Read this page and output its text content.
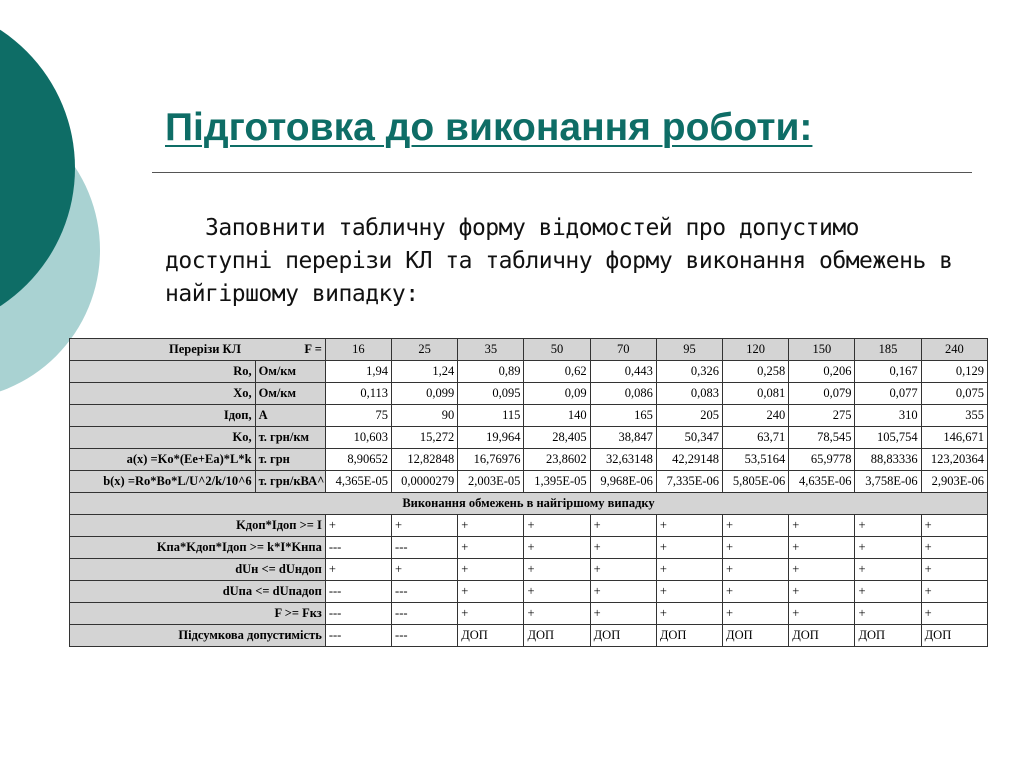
Підготовка до виконання роботи:

Заповнити табличну форму відомостей про допустимо доступні перерізи КЛ та табличну форму виконання обмежень в найгіршому випадку:

Перерізи КЛ F =		16	25	35	50	70	95	120	150	185	240
Ro,	Ом/км	1,94	1,24	0,89	0,62	0,443	0,326	0,258	0,206	0,167	0,129
Xo,	Ом/км	0,113	0,099	0,095	0,09	0,086	0,083	0,081	0,079	0,077	0,075
Iдоп,	А	75	90	115	140	165	205	240	275	310	355
Ko,	т. грн/км	10,603	15,272	19,964	28,405	38,847	50,347	63,71	78,545	105,754	146,671
a(x) =Ko*(Ee+Ea)*L*k	т. грн	8,90652	12,82848	16,76976	23,8602	32,63148	42,29148	53,5164	65,9778	88,83336	123,20364
b(x) =Ro*Bo*L/U^2/k/10^6	т. грн/кВА^	4,365E-05	0,0000279	2,003E-05	1,395E-05	9,968E-06	7,335E-06	5,805E-06	4,635E-06	3,758E-06	2,903E-06
Виконання обмежень в найгіршому випадку											
Kдоп*Iдоп >= I		+	+	+	+	+	+	+	+	+	+
Kпа*Kдоп*Iдоп >= k*I*Kнпа		---	---	+	+	+	+	+	+	+	+
dUн <= dUндоп		+	+	+	+	+	+	+	+	+	+
dUпа <= dUпадоп		---	---	+	+	+	+	+	+	+	+
F >= Fкз		---	---	+	+	+	+	+	+	+	+
Підсумкова допустимість		---	---	ДОП	ДОП	ДОП	ДОП	ДОП	ДОП	ДОП	ДОП
